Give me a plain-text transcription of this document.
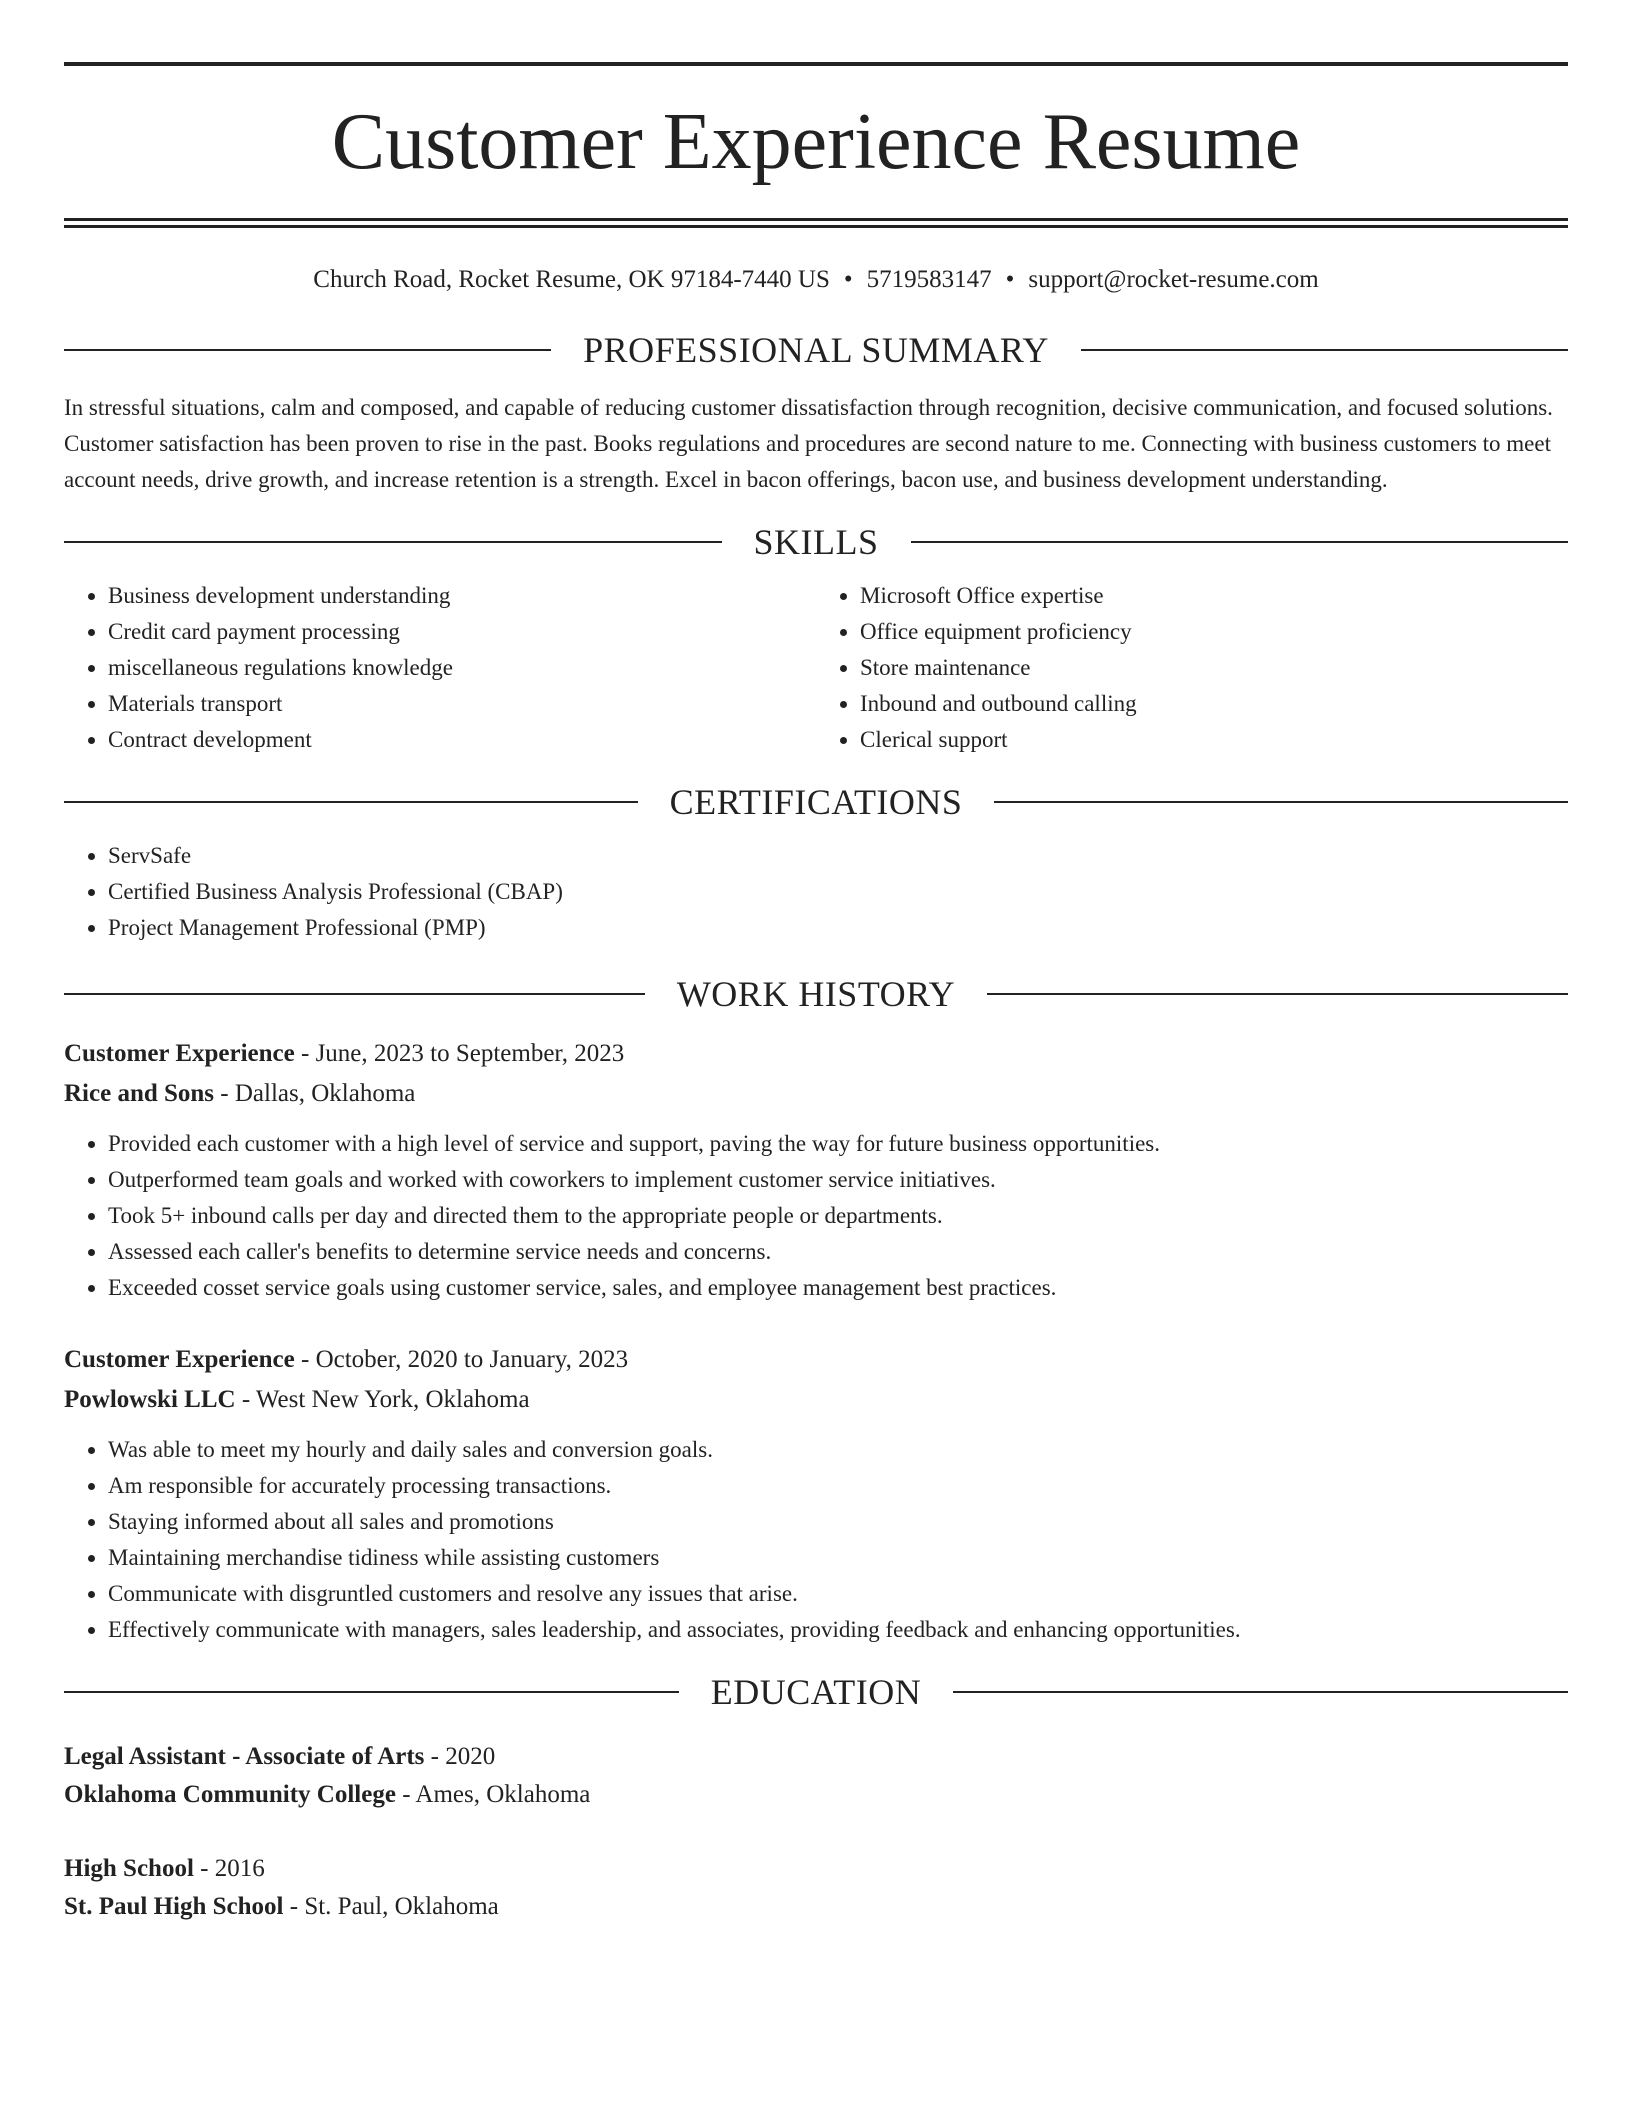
Customer Experience Resume
Church Road, Rocket Resume, OK 97184-7440 US • 5719583147 • support@rocket-resume.com
PROFESSIONAL SUMMARY

In stressful situations, calm and composed, and capable of reducing customer dissatisfaction through recognition, decisive communication, and focused solutions. Customer satisfaction has been proven to rise in the past. Books regulations and procedures are second nature to me. Connecting with business customers to meet account needs, drive growth, and increase retention is a strength. Excel in bacon offerings, bacon use, and business development understanding.

SKILLS
• Business development understanding
• Credit card payment processing
• miscellaneous regulations knowledge
• Materials transport
• Contract development
• Microsoft Office expertise
• Office equipment proficiency
• Store maintenance
• Inbound and outbound calling
• Clerical support
CERTIFICATIONS
• ServSafe
• Certified Business Analysis Professional (CBAP)
• Project Management Professional (PMP)
WORK HISTORY
Customer Experience - June, 2023 to September, 2023
Rice and Sons - Dallas, Oklahoma
• Provided each customer with a high level of service and support, paving the way for future business opportunities.
• Outperformed team goals and worked with coworkers to implement customer service initiatives.
• Took 5+ inbound calls per day and directed them to the appropriate people or departments.
• Assessed each caller's benefits to determine service needs and concerns.
• Exceeded cosset service goals using customer service, sales, and employee management best practices.
Customer Experience - October, 2020 to January, 2023
Powlowski LLC - West New York, Oklahoma
• Was able to meet my hourly and daily sales and conversion goals.
• Am responsible for accurately processing transactions.
• Staying informed about all sales and promotions
• Maintaining merchandise tidiness while assisting customers
• Communicate with disgruntled customers and resolve any issues that arise.
• Effectively communicate with managers, sales leadership, and associates, providing feedback and enhancing opportunities.
EDUCATION
Legal Assistant - Associate of Arts - 2020
Oklahoma Community College - Ames, Oklahoma
High School - 2016
St. Paul High School - St. Paul, Oklahoma
